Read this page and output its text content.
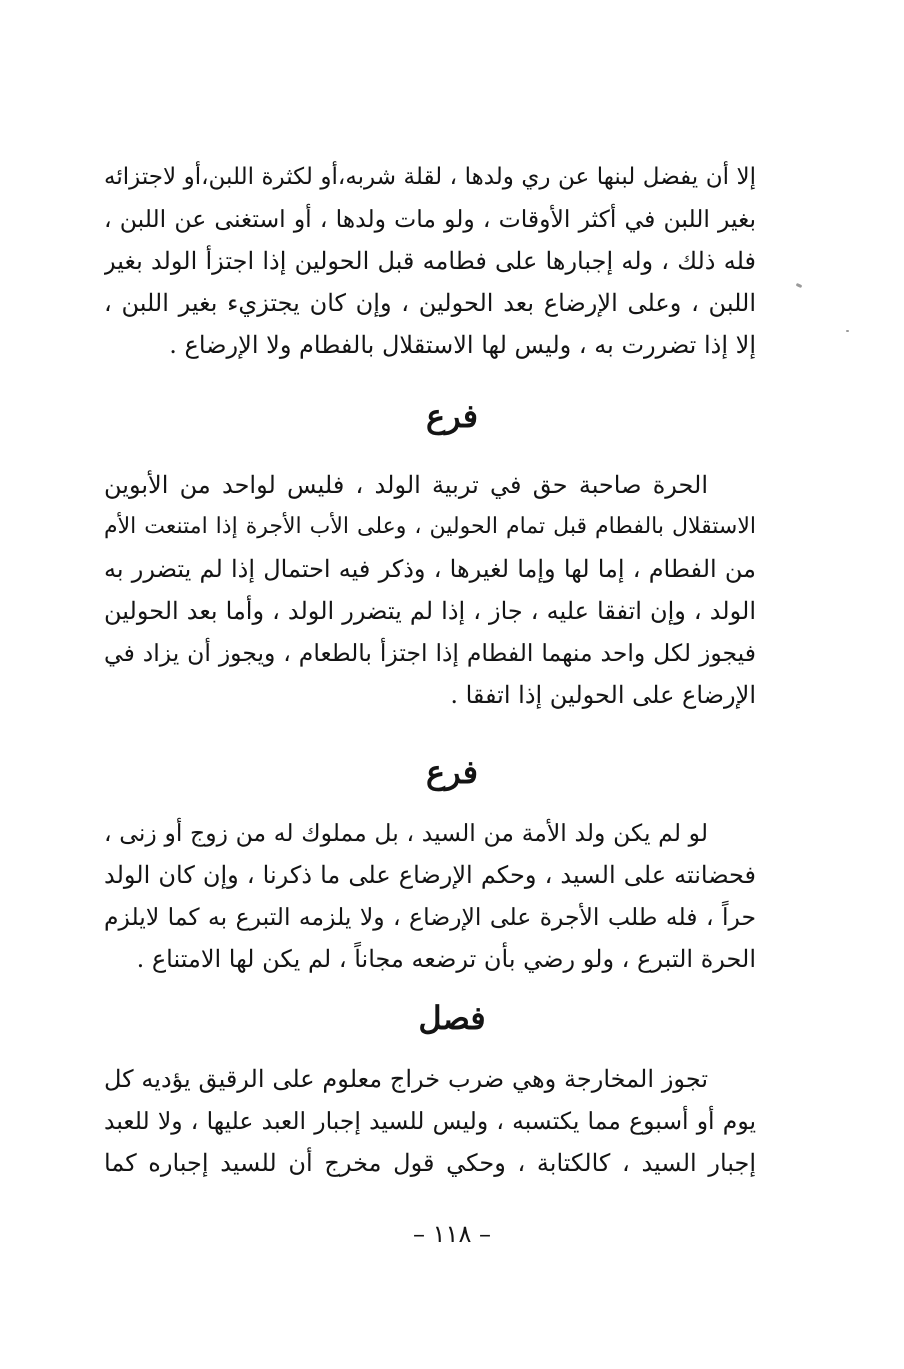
إلا أن يفضل لبنها عن ري ولدها ، لقلة شربه،أو لكثرة اللبن،أو لاجتزائه
بغير اللبن في أكثر الأوقات ، ولو مات ولدها ، أو استغنى عن اللبن ،
فله ذلك ، وله إجبارها على فطامه قبل الحولين إذا اجتزأ الولد بغير
اللبن ، وعلى الإرضاع بعد الحولين ، وإن كان يجتزيء بغير اللبن ،
إلا إذا تضررت به ، وليس لها الاستقلال بالفطام ولا الإرضاع .
فرع
الحرة صاحبة حق في تربية الولد ، فليس لواحد من الأبوين
الاستقلال بالفطام قبل تمام الحولين ، وعلى الأب الأجرة إذا امتنعت الأم
من الفطام ، إما لها وإما لغيرها ، وذكر فيه احتمال إذا لم يتضرر به
الولد ، وإن اتفقا عليه ، جاز ، إذا لم يتضرر الولد ، وأما بعد الحولين
فيجوز لكل واحد منهما الفطام إذا اجتزأ بالطعام ، ويجوز أن يزاد في
الإرضاع على الحولين إذا اتفقا .
فرع
لو لم يكن ولد الأمة من السيد ، بل مملوك له من زوج أو زنى ،
فحضانته على السيد ، وحكم الإرضاع على ما ذكرنا ، وإن كان الولد
حراً ، فله طلب الأجرة على الإرضاع ، ولا يلزمه التبرع به كما لايلزم
الحرة التبرع ، ولو رضي بأن ترضعه مجاناً ، لم يكن لها الامتناع .
فصل
تجوز المخارجة وهي ضرب خراج معلوم على الرقيق يؤديه كل
يوم أو أسبوع مما يكتسبه ، وليس للسيد إجبار العبد عليها ، ولا للعبد
إجبار السيد ، كالكتابة ، وحكي قول مخرج أن للسيد إجباره كما
– ١١٨ –
